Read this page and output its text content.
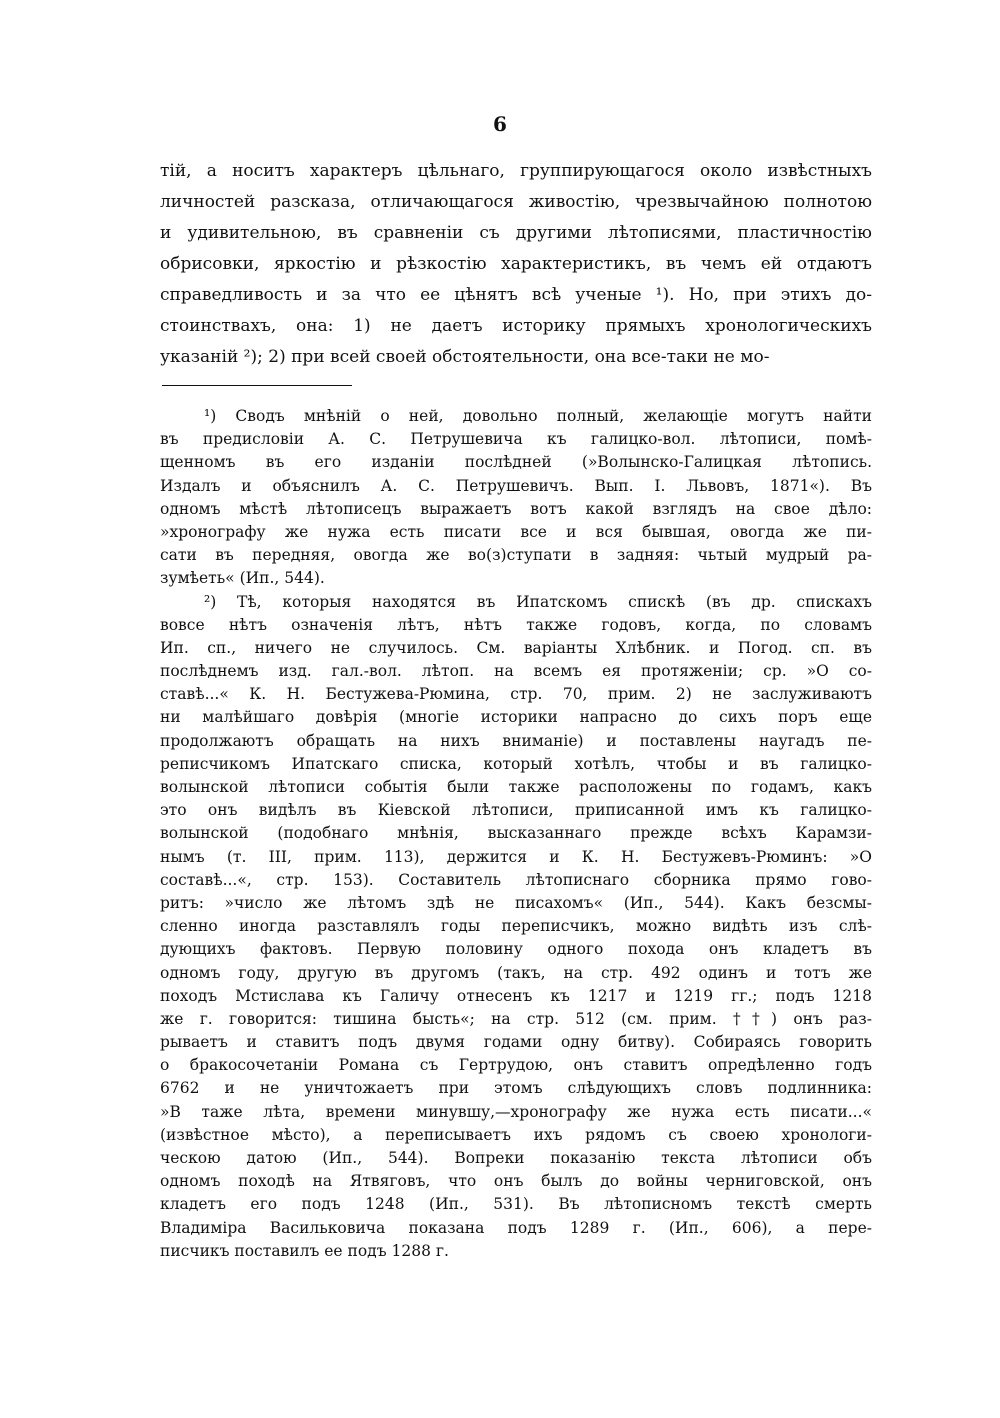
6
тій, а носитъ характеръ цѣльнаго, группирующагося около извѣстныхъ
личностей разсказа, отличающагося живостію, чрезвычайною полнотою
и удивительною, въ сравненіи съ другими лѣтописями, пластичностію
обрисовки, яркостію и рѣзкостію характеристикъ, въ чемъ ей отдаютъ
справедливость и за что ее цѣнятъ всѣ ученые ¹). Но, при этихъ до-
стоинствахъ, она: 1) не даетъ историку прямыхъ хронологическихъ
указаній ²); 2) при всей своей обстоятельности, она все-таки не мо-
¹) Сводъ мнѣній о ней, довольно полный, желающіе могутъ найти
въ предисловіи А. С. Петрушевича къ галицко-вол. лѣтописи, помѣ-
щенномъ въ его изданіи послѣдней (»Волынско-Галицкая лѣтопись.
Издалъ и объяснилъ А. С. Петрушевичъ. Вып. I. Львовъ, 1871«). Въ
одномъ мѣстѣ лѣтописецъ выражаетъ вотъ какой взглядъ на свое дѣло:
»хронографу же нужа есть писати все и вся бывшая, овогда же пи-
сати въ передняя, овогда же во(з)ступати в задняя: чьтый мудрый ра-
зумѣеть« (Ип., 544).
²) Тѣ, которыя находятся въ Ипатскомъ спискѣ (въ др. спискахъ
вовсе нѣтъ означенія лѣтъ, нѣтъ также годовъ, когда, по словамъ
Ип. сп., ничего не случилось. См. варіанты Хлѣбник. и Погод. сп. въ
послѣднемъ изд. гал.-вол. лѣтоп. на всемъ ея протяженіи; ср. »О со-
ставѣ...« К. Н. Бестужева-Рюмина, стр. 70, прим. 2) не заслуживаютъ
ни малѣйшаго довѣрія (многіе историки напрасно до сихъ поръ еще
продолжаютъ обращать на нихъ вниманіе) и поставлены наугадъ пе-
реписчикомъ Ипатскаго списка, который хотѣлъ, чтобы и въ галицко-
волынской лѣтописи событія были также расположены по годамъ, какъ
это онъ видѣлъ въ Кіевской лѣтописи, приписанной имъ къ галицко-
волынской (подобнаго мнѣнія, высказаннаго прежде всѣхъ Карамзи-
нымъ (т. III, прим. 113), держится и К. Н. Бестужевъ-Рюминъ: »О
составѣ...«, стр. 153). Составитель лѣтописнаго сборника прямо гово-
ритъ: »число же лѣтомъ здѣ не писахомъ« (Ип., 544). Какъ безсмы-
сленно иногда разставлялъ годы переписчикъ, можно видѣть изъ слѣ-
дующихъ фактовъ. Первую половину одного похода онъ кладетъ въ
одномъ году, другую въ другомъ (такъ, на стр. 492 одинъ и тотъ же
походъ Мстислава къ Галичу отнесенъ къ 1217 и 1219 гг.; подъ 1218
же г. говорится: тишина бысть«; на стр. 512 (см. прим. ††) онъ раз-
рываетъ и ставитъ подъ двумя годами одну битву). Собираясь говорить
о бракосочетаніи Романа съ Гертрудою, онъ ставитъ опредѣленно годъ
6762 и не уничтожаетъ при этомъ слѣдующихъ словъ подлинника:
»В таже лѣта, времени минувшу,—хронографу же нужа есть писати...«
(извѣстное мѣсто), а переписываетъ ихъ рядомъ съ своею хронологи-
ческою датою (Ип., 544). Вопреки показанію текста лѣтописи объ
одномъ походѣ на Ятвяговъ, что онъ былъ до войны черниговской, онъ
кладетъ его подъ 1248 (Ип., 531). Въ лѣтописномъ текстѣ смерть
Владиміра Васильковича показана подъ 1289 г. (Ип., 606), а пере-
писчикъ поставилъ ее подъ 1288 г.
